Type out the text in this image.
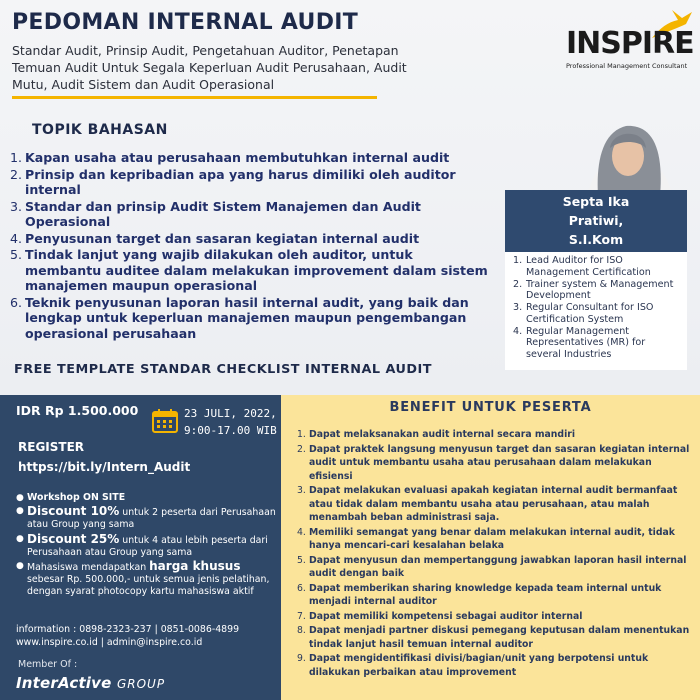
PEDOMAN INTERNAL AUDIT

Standar Audit, Prinsip Audit, Pengetahuan Auditor, Penetapan Temuan Audit Untuk Segala Keperluan Audit Perusahaan, Audit Mutu, Audit Sistem dan Audit Operasional

INSPIRE
Professional Management Consultant
TOPIK BAHASAN
1. Kapan usaha atau perusahaan membutuhkan internal audit
2. Prinsip dan kepribadian apa yang harus dimiliki oleh auditor internal
3. Standar dan prinsip Audit Sistem Manajemen dan Audit Operasional
4. Penyusunan target dan sasaran kegiatan internal audit
5. Tindak lanjut yang wajib dilakukan oleh auditor, untuk membantu auditee dalam melakukan improvement dalam sistem manajemen maupun operasional
6. Teknik penyusunan laporan hasil internal audit, yang baik dan lengkap untuk keperluan manajemen maupun pengembangan operasional perusahaan
Septa Ika
Pratiwi,
S.I.Kom
1. Lead Auditor for ISO Management Certification
2. Trainer system & Management Development
3. Regular Consultant for ISO Certification System
4. Regular Management Representatives (MR) for several Industries
FREE TEMPLATE STANDAR CHECKLIST INTERNAL AUDIT
IDR Rp 1.500.000	23 JULI, 2022,
9:00-17.00 WIB
REGISTER
https://bit.ly/Intern_Audit
● Workshop ON SITE
● Discount 10% untuk 2 peserta dari Perusahaan atau Group yang sama
● Discount 25% untuk 4 atau lebih peserta dari Perusahaan atau Group yang sama
● Mahasiswa mendapatkan harga khusus sebesar Rp. 500.000,- untuk semua jenis pelatihan, dengan syarat photocopy kartu mahasiswa aktif
information : 0898-2323-237 | 0851-0086-4899
www.inspire.co.id | admin@inspire.co.id
Member Of :
InterActive GROUP
BENEFIT UNTUK PESERTA
1. Dapat melaksanakan audit internal secara mandiri
2. Dapat praktek langsung menyusun target dan sasaran kegiatan internal audit untuk membantu usaha atau perusahaan dalam melakukan efisiensi
3. Dapat melakukan evaluasi apakah kegiatan internal audit bermanfaat atau tidak dalam membantu usaha atau perusahaan, atau malah menambah beban administrasi saja.
4. Memiliki semangat yang benar dalam melakukan internal audit, tidak hanya mencari-cari kesalahan belaka
5. Dapat menyusun dan mempertanggung jawabkan laporan hasil internal audit dengan baik
6. Dapat memberikan sharing knowledge kepada team internal untuk menjadi internal auditor
7. Dapat memiliki kompetensi sebagai auditor internal
8. Dapat menjadi partner diskusi pemegang keputusan dalam menentukan tindak lanjut hasil temuan internal auditor
9. Dapat mengidentifikasi divisi/bagian/unit yang berpotensi untuk dilakukan perbaikan atau improvement
